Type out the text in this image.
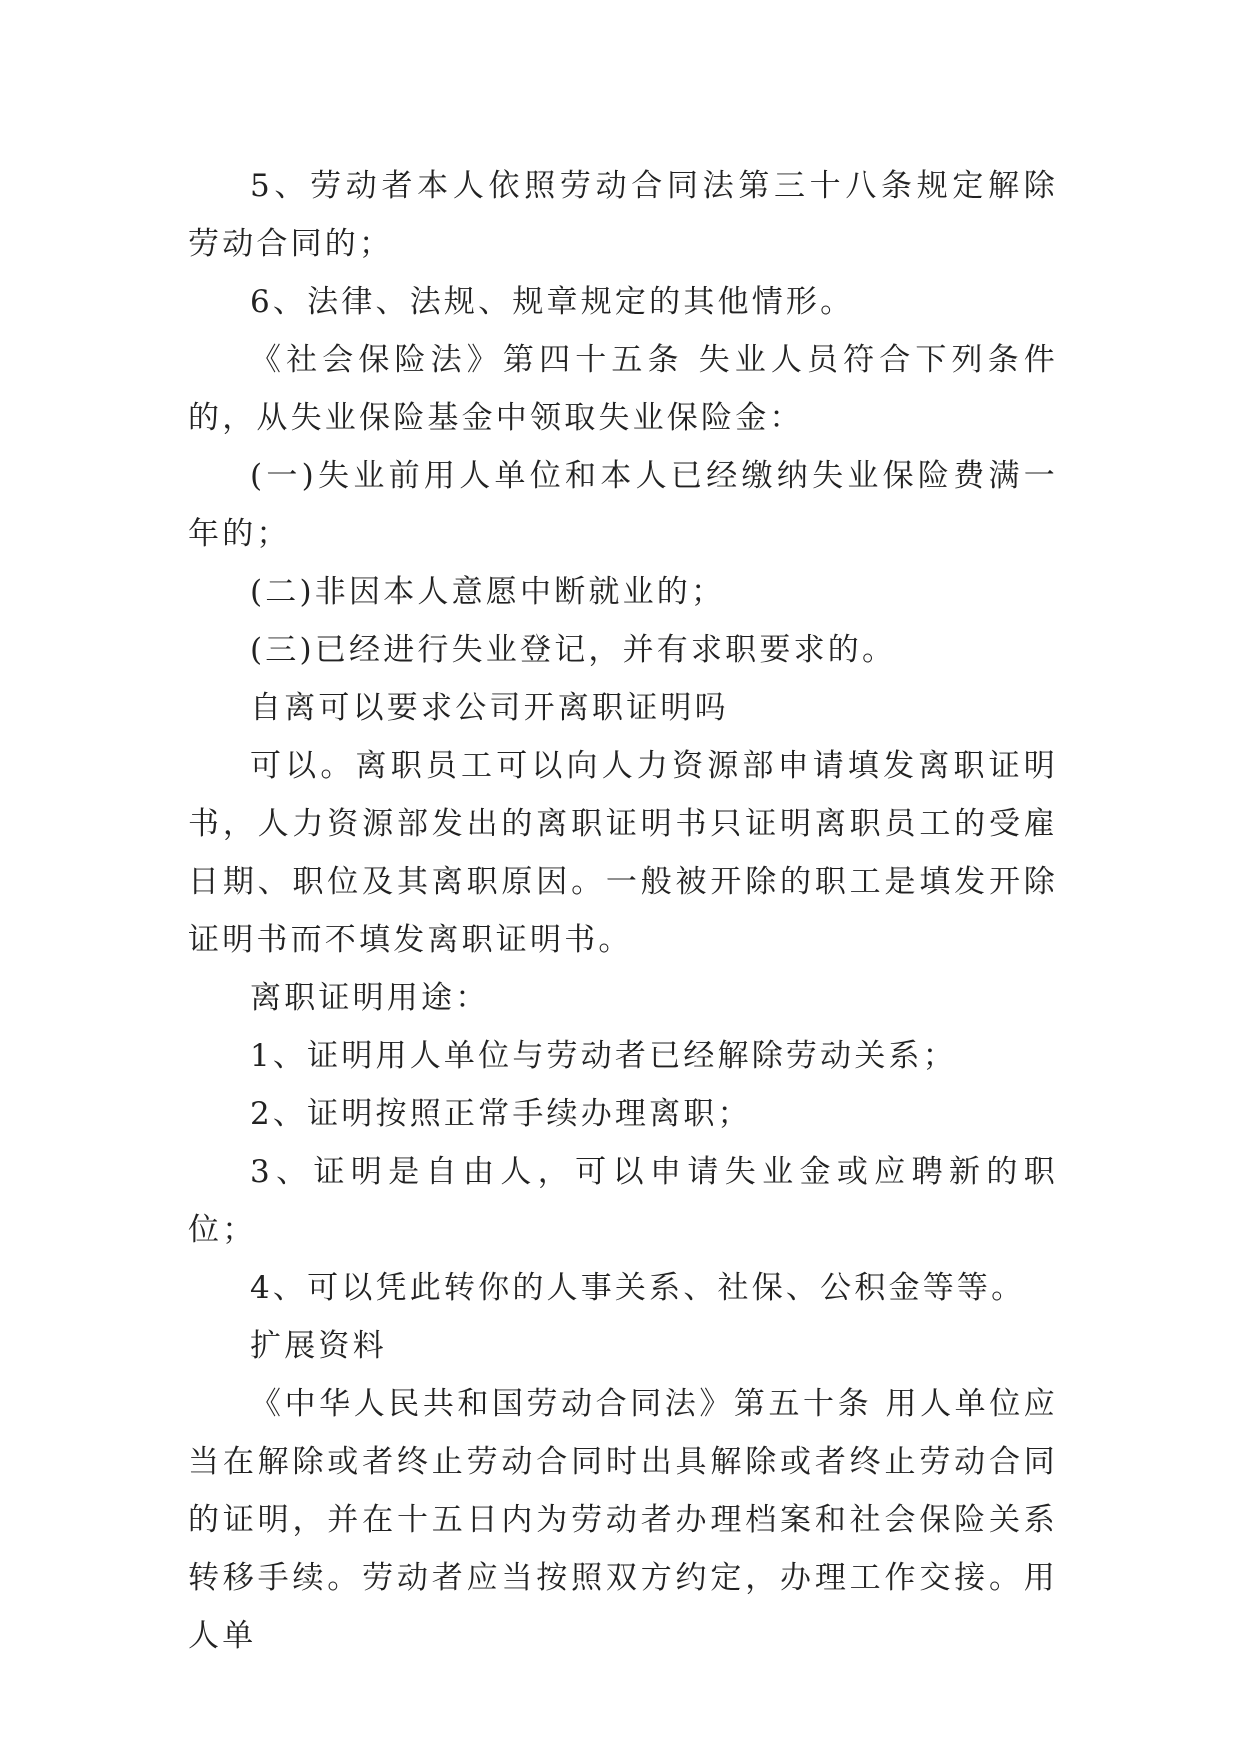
5、劳动者本人依照劳动合同法第三十八条规定解除劳动合同的；

6、法律、法规、规章规定的其他情形。

《社会保险法》第四十五条 失业人员符合下列条件的，从失业保险基金中领取失业保险金：

(一)失业前用人单位和本人已经缴纳失业保险费满一年的；

(二)非因本人意愿中断就业的；

(三)已经进行失业登记，并有求职要求的。

自离可以要求公司开离职证明吗

可以。离职员工可以向人力资源部申请填发离职证明书，人力资源部发出的离职证明书只证明离职员工的受雇日期、职位及其离职原因。一般被开除的职工是填发开除证明书而不填发离职证明书。

离职证明用途：

1、证明用人单位与劳动者已经解除劳动关系；

2、证明按照正常手续办理离职；

3、证明是自由人，可以申请失业金或应聘新的职位；

4、可以凭此转你的人事关系、社保、公积金等等。

扩展资料

《中华人民共和国劳动合同法》第五十条 用人单位应当在解除或者终止劳动合同时出具解除或者终止劳动合同的证明，并在十五日内为劳动者办理档案和社会保险关系转移手续。劳动者应当按照双方约定，办理工作交接。用人单
